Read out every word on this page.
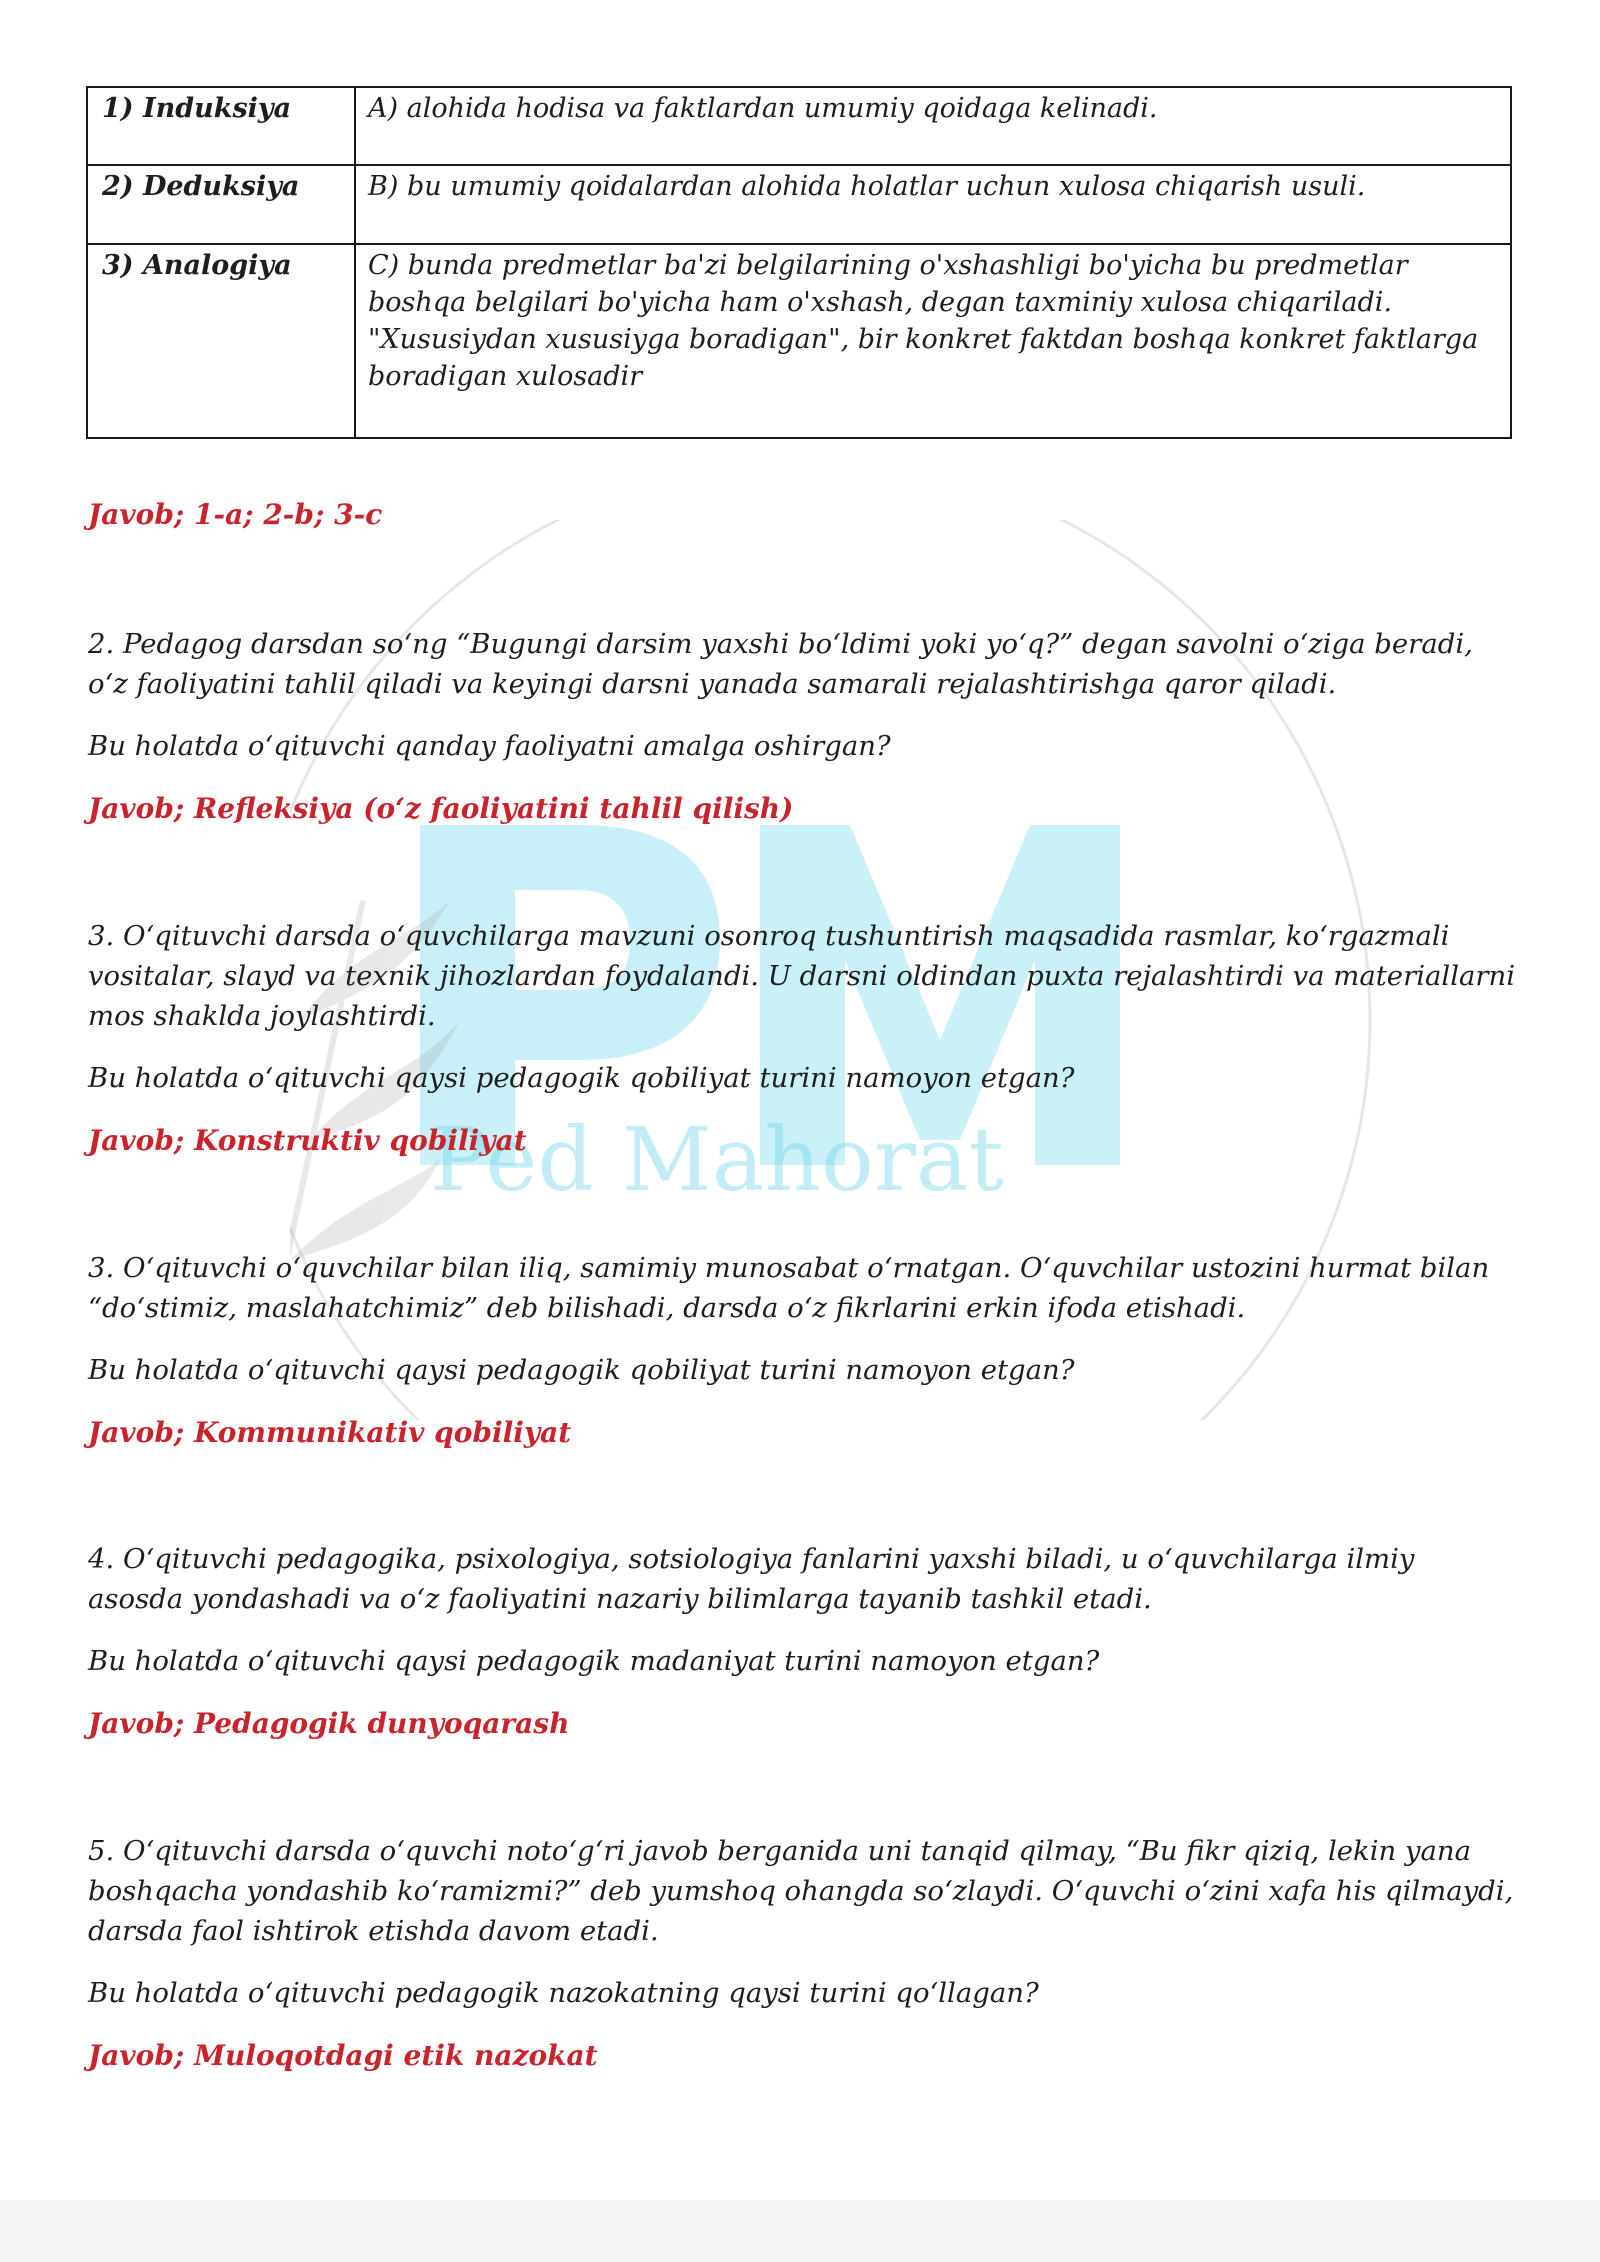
Ped Mahorat
1) Induksiya	A) alohida hodisa va faktlardan umumiy qoidaga kelinadi.
2) Deduksiya	B) bu umumiy qoidalardan alohida holatlar uchun xulosa chiqarish usuli.
3) Analogiya	C) bunda predmetlar ba'zi belgilarining o'xshashligi bo'yicha bu predmetlar boshqa belgilari bo'yicha ham o'xshash, degan taxminiy xulosa chiqariladi. "Xususiydan xususiyga boradigan", bir konkret faktdan boshqa konkret faktlarga boradigan xulosadir

Javob; 1-a; 2-b; 3-c

2. Pedagog darsdan so‘ng “Bugungi darsim yaxshi bo‘ldimi yoki yo‘q?” degan savolni o‘ziga beradi, o‘z faoliyatini tahlil qiladi va keyingi darsni yanada samarali rejalashtirishga qaror qiladi.

Bu holatda o‘qituvchi qanday faoliyatni amalga oshirgan?

Javob; Refleksiya (o‘z faoliyatini tahlil qilish)

3. O‘qituvchi darsda o‘quvchilarga mavzuni osonroq tushuntirish maqsadida rasmlar, ko‘rgazmali vositalar, slayd va texnik jihozlardan foydalandi. U darsni oldindan puxta rejalashtirdi va materiallarni mos shaklda joylashtirdi.

Bu holatda o‘qituvchi qaysi pedagogik qobiliyat turini namoyon etgan?

Javob; Konstruktiv qobiliyat

3. O‘qituvchi o‘quvchilar bilan iliq, samimiy munosabat o‘rnatgan. O‘quvchilar ustozini hurmat bilan “do‘stimiz, maslahatchimiz” deb bilishadi, darsda o‘z fikrlarini erkin ifoda etishadi.

Bu holatda o‘qituvchi qaysi pedagogik qobiliyat turini namoyon etgan?

Javob; Kommunikativ qobiliyat

4. O‘qituvchi pedagogika, psixologiya, sotsiologiya fanlarini yaxshi biladi, u o‘quvchilarga ilmiy asosda yondashadi va o‘z faoliyatini nazariy bilimlarga tayanib tashkil etadi.

Bu holatda o‘qituvchi qaysi pedagogik madaniyat turini namoyon etgan?

Javob; Pedagogik dunyoqarash

5. O‘qituvchi darsda o‘quvchi noto‘g‘ri javob berganida uni tanqid qilmay, “Bu fikr qiziq, lekin yana boshqacha yondashib ko‘ramizmi?” deb yumshoq ohangda so‘zlaydi. O‘quvchi o‘zini xafa his qilmaydi, darsda faol ishtirok etishda davom etadi.

Bu holatda o‘qituvchi pedagogik nazokatning qaysi turini qo‘llagan?

Javob; Muloqotdagi etik nazokat
